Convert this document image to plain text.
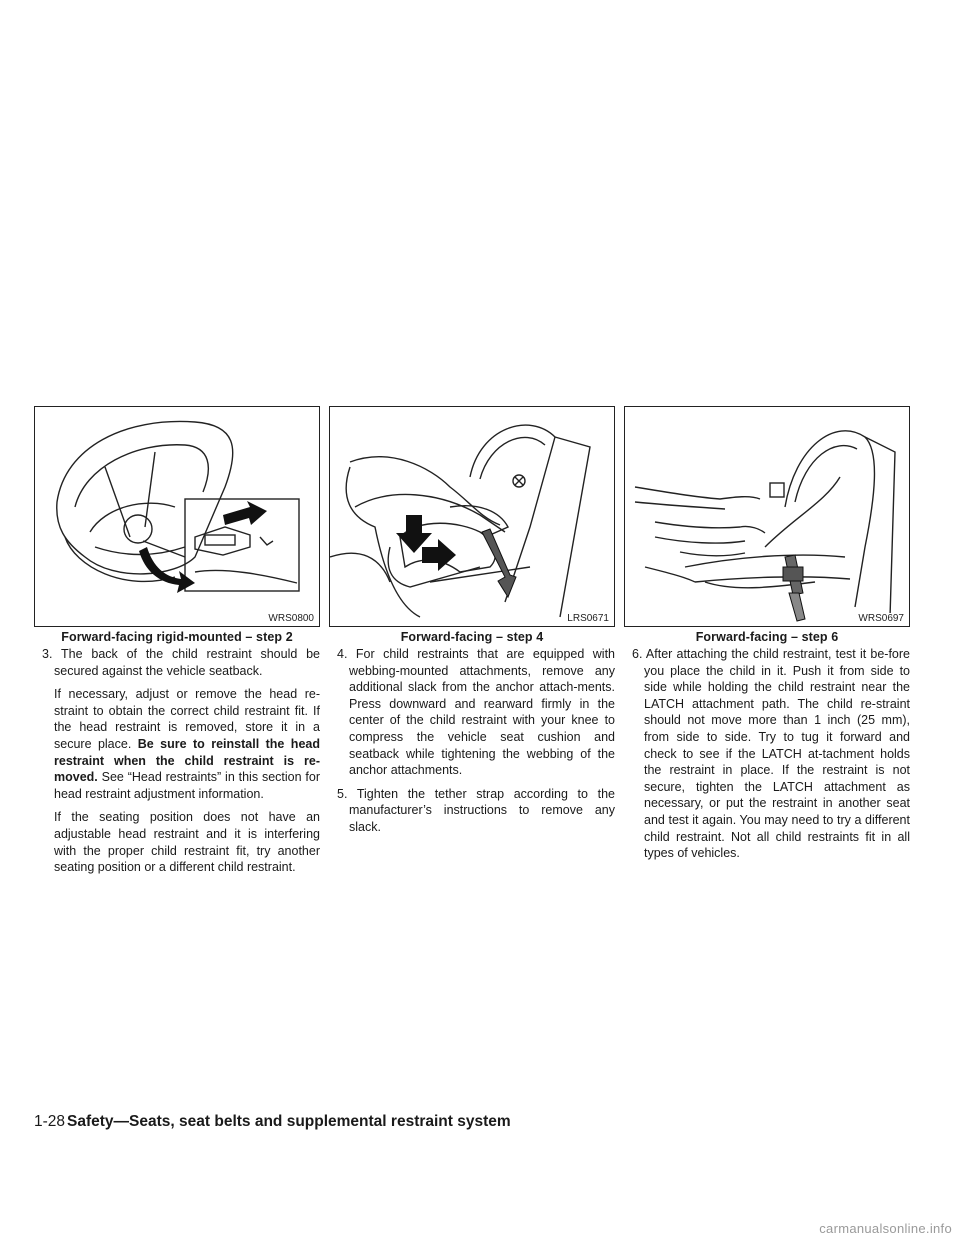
WRS0800
Forward-facing rigid-mounted – step 2

3. The back of the child restraint should be secured against the vehicle seatback.

If necessary, adjust or remove the head re-straint to obtain the correct child restraint fit. If the head restraint is removed, store it in a secure place. Be sure to reinstall the head restraint when the child restraint is re-moved. See “Head restraints” in this section for head restraint adjustment information.

If the seating position does not have an adjustable head restraint and it is interfering with the proper child restraint fit, try another seating position or a different child restraint.

LRS0671
Forward-facing – step 4

4. For child restraints that are equipped with webbing-mounted attachments, remove any additional slack from the anchor attach-ments. Press downward and rearward firmly in the center of the child restraint with your knee to compress the vehicle seat cushion and seatback while tightening the webbing of the anchor attachments.

5. Tighten the tether strap according to the manufacturer’s instructions to remove any slack.

WRS0697
Forward-facing – step 6

6. After attaching the child restraint, test it be-fore you place the child in it. Push it from side to side while holding the child restraint near the LATCH attachment path. The child re-straint should not move more than 1 inch (25 mm), from side to side. Try to tug it forward and check to see if the LATCH at-tachment holds the restraint in place. If the restraint is not secure, tighten the LATCH attachment as necessary, or put the restraint in another seat and test it again. You may need to try a different child restraint. Not all child restraints fit in all types of vehicles.

1-28 Safety—Seats, seat belts and supplemental restraint system
carmanualsonline.info
